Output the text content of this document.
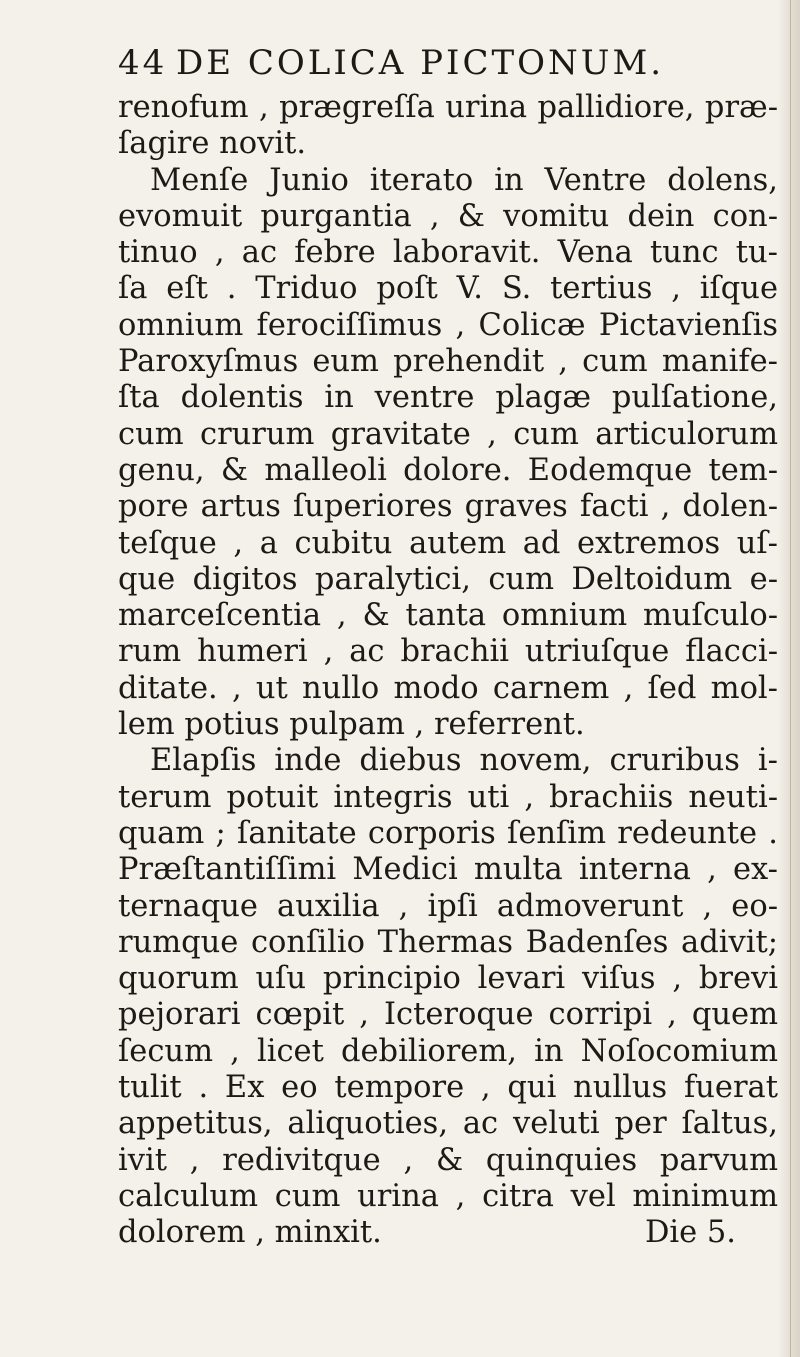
44 DE COLICA PICTONUM.
renofum , prægreſſa urina pallidiore, præ-
ſagire novit.
Menſe Junio iterato in Ventre dolens,
evomuit purgantia , & vomitu dein con-
tinuo , ac febre laboravit. Vena tunc tu-
ſa eſt . Triduo poſt V. S. tertius , iſque
omnium ferociſſimus , Colicæ Pictavienſis
Paroxyſmus eum prehendit , cum manife-
ſta dolentis in ventre plagæ pulſatione,
cum crurum gravitate , cum articulorum
genu, & malleoli dolore. Eodemque tem-
pore artus ſuperiores graves facti , dolen-
teſque , a cubitu autem ad extremos uſ-
que digitos paralytici, cum Deltoidum e-
marceſcentia , & tanta omnium muſculo-
rum humeri , ac brachii utriuſque flacci-
ditate. , ut nullo modo carnem , ſed mol-
lem potius pulpam , referrent.
Elapſis inde diebus novem, cruribus i-
terum potuit integris uti , brachiis neuti-
quam ; ſanitate corporis ſenſim redeunte .
Præſtantiſſimi Medici multa interna , ex-
ternaque auxilia , ipſi admoverunt , eo-
rumque conſilio Thermas Badenſes adivit;
quorum uſu principio levari viſus , brevi
pejorari cœpit , Icteroque corripi , quem
ſecum , licet debiliorem, in Noſocomium
tulit . Ex eo tempore , qui nullus fuerat
appetitus, aliquoties, ac veluti per ſaltus,
ivit , redivitque , & quinquies parvum
calculum cum urina , citra vel minimum
dolorem , minxit.	Die 5.
